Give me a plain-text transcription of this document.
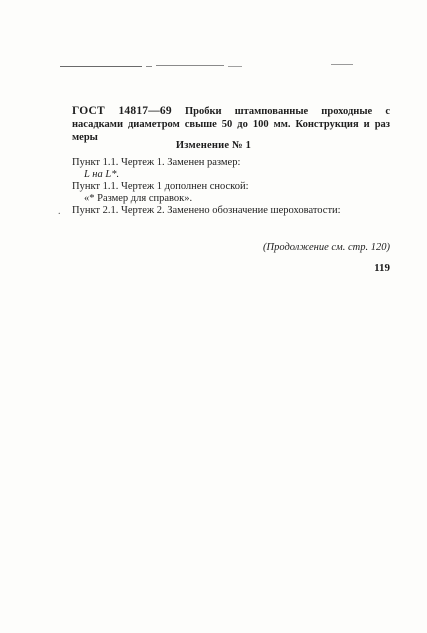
ГОСТ 14817—69 Пробки штампованные проходные с насадками диаметром свыше 50 до 100 мм. Конструкция и раз мeры
Изменение № 1
Пункт 1.1. Чертеж 1. Заменен размер:
L на L*.
Пункт 1.1. Чертеж 1 дополнен сноской:
«* Размер для справок».
. Пункт 2.1. Чертеж 2. Заменено обозначение шероховатости:
(Продолжение см. стр. 120)
119
